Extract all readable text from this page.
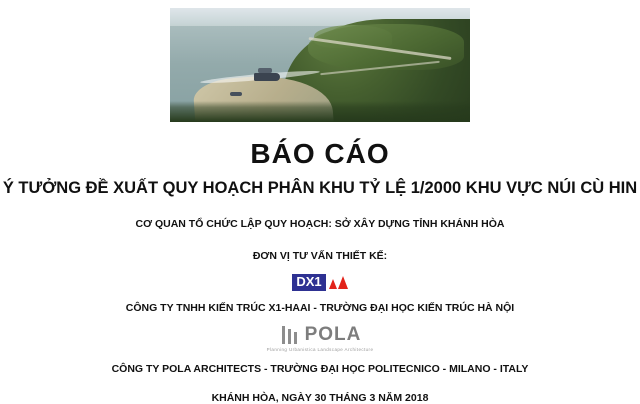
BÁO CÁO
Ý TƯỞNG ĐỀ XUẤT QUY HOẠCH PHÂN KHU TỶ LỆ 1/2000 KHU VỰC NÚI CÙ HIN
CƠ QUAN TỔ CHỨC LẬP QUY HOẠCH: SỞ XÂY DỰNG TỈNH KHÁNH HÒA
ĐƠN VỊ TƯ VẤN THIẾT KẾ:
DX1
CÔNG TY TNHH KIẾN TRÚC X1-HAAI - TRƯỜNG ĐẠI HỌC KIẾN TRÚC HÀ NỘI
POLA
Planning Urbanistica Landscape Architecture
CÔNG TY POLA ARCHITECTS - TRƯỜNG ĐẠI HỌC POLITECNICO - MILANO - ITALY
KHÁNH HÒA, NGÀY 30 THÁNG 3 NĂM 2018
